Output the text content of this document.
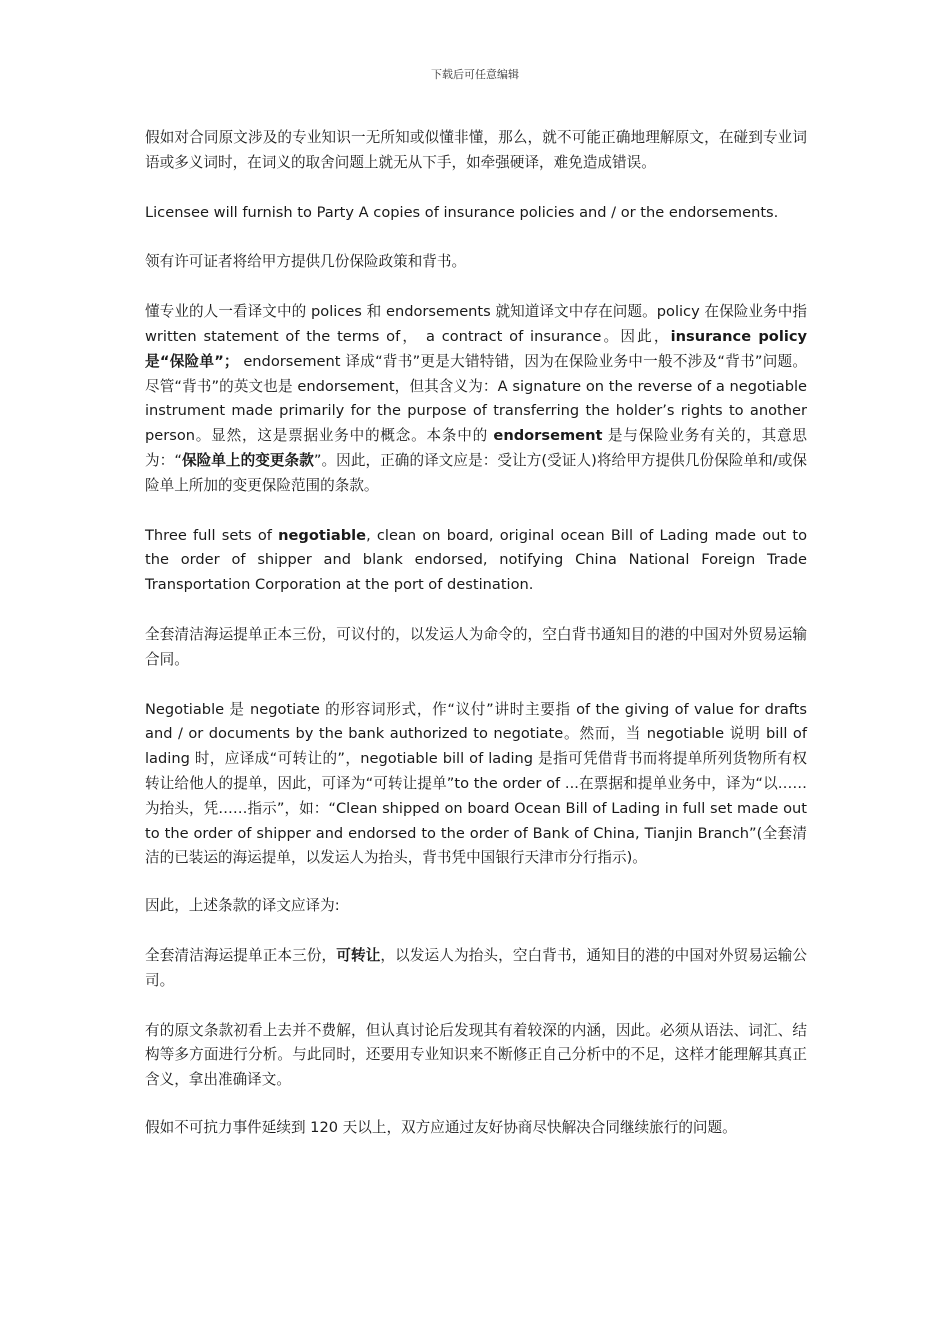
下载后可任意编辑

假如对合同原文涉及的专业知识一无所知或似懂非懂，那么，就不可能正确地理解原文，在碰到专业词语或多义词时，在词义的取舍问题上就无从下手，如牵强硬译，难免造成错误。

Licensee will furnish to Party A copies of insurance policies and / or the endorsements.

领有许可证者将给甲方提供几份保险政策和背书。

懂专业的人一看译文中的 polices 和 endorsements 就知道译文中存在问题。policy 在保险业务中指 written statement of the terms of， a contract of insurance。因此，insurance policy 是“保险单”； endorsement 译成“背书”更是大错特错，因为在保险业务中一般不涉及“背书”问题。尽管“背书”的英文也是 endorsement，但其含义为：A signature on the reverse of a negotiable instrument made primarily for the purpose of transferring the holder’s rights to another person。显然，这是票据业务中的概念。本条中的 endorsement 是与保险业务有关的，其意思为：“保险单上的变更条款”。因此，正确的译文应是：受让方(受证人)将给甲方提供几份保险单和/或保险单上所加的变更保险范围的条款。

Three full sets of negotiable, clean on board, original ocean Bill of Lading made out to the order of shipper and blank endorsed, notifying China National Foreign Trade Transportation Corporation at the port of destination.

全套清洁海运提单正本三份，可议付的，以发运人为命令的，空白背书通知目的港的中国对外贸易运输合同。

Negotiable 是 negotiate 的形容词形式，作“议付”讲时主要指 of the giving of value for drafts and / or documents by the bank authorized to negotiate。然而，当 negotiable 说明 bill of lading 时，应译成“可转让的”，negotiable bill of lading 是指可凭借背书而将提单所列货物所有权转让给他人的提单，因此，可译为“可转让提单”to the order of ...在票据和提单业务中，译为“以……为抬头，凭……指示”，如：“Clean shipped on board Ocean Bill of Lading in full set made out to the order of shipper and endorsed to the order of Bank of China, Tianjin Branch”(全套清洁的已装运的海运提单，以发运人为抬头，背书凭中国银行天津市分行指示)。

因此，上述条款的译文应译为:

全套清洁海运提单正本三份，可转让，以发运人为抬头，空白背书，通知目的港的中国对外贸易运输公司。

有的原文条款初看上去并不费解，但认真讨论后发现其有着较深的内涵，因此。必须从语法、词汇、结构等多方面进行分析。与此同时，还要用专业知识来不断修正自己分析中的不足，这样才能理解其真正含义，拿出准确译文。

假如不可抗力事件延续到 120 天以上，双方应通过友好协商尽快解决合同继续旅行的问题。
